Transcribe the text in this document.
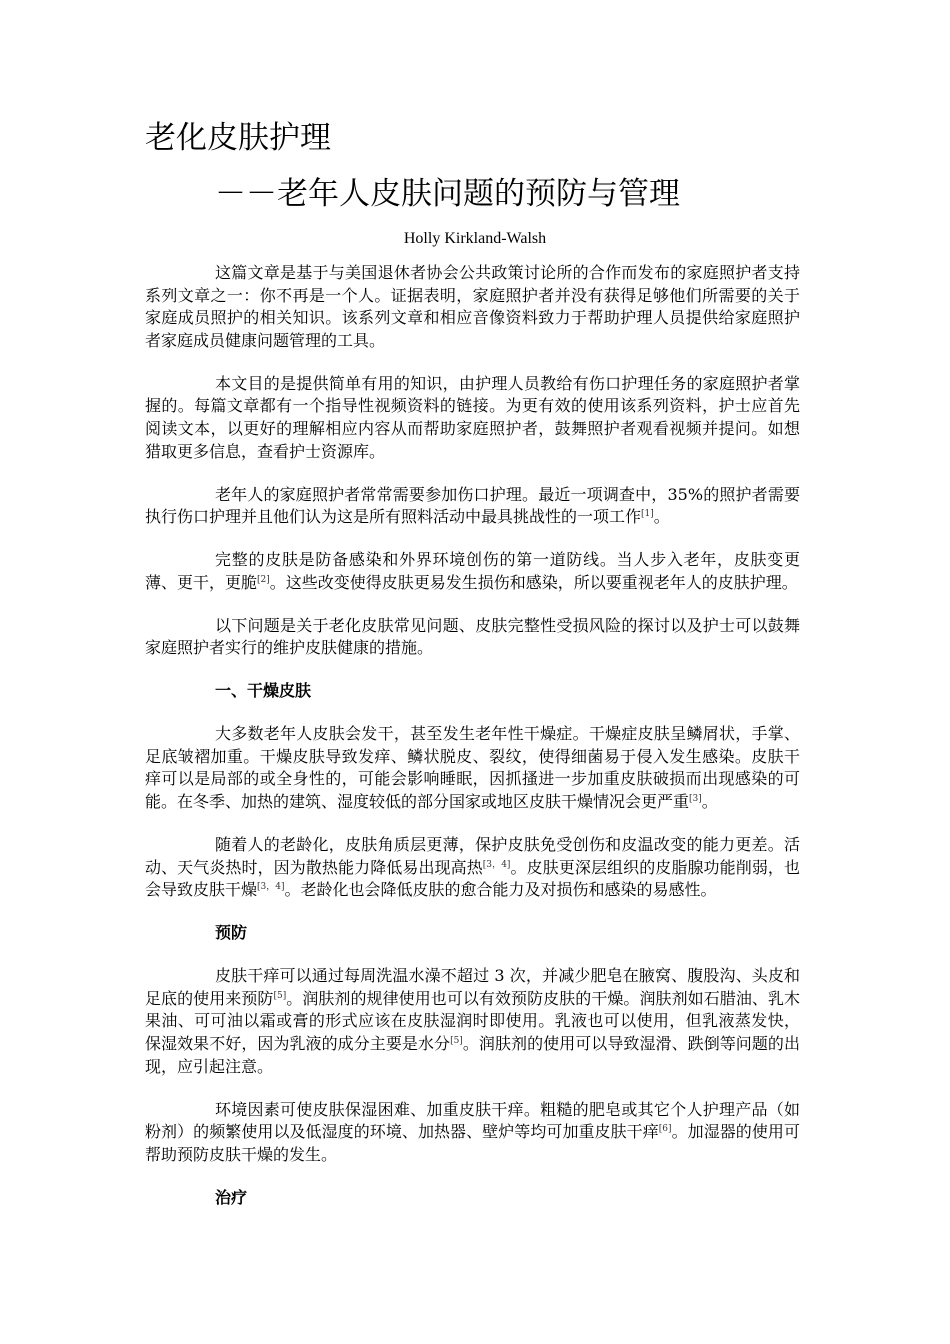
老化皮肤护理
－－老年人皮肤问题的预防与管理
Holly Kirkland-Walsh

这篇文章是基于与美国退休者协会公共政策讨论所的合作而发布的家庭照护者支持系列文章之一：你不再是一个人。证据表明，家庭照护者并没有获得足够他们所需要的关于家庭成员照护的相关知识。该系列文章和相应音像资料致力于帮助护理人员提供给家庭照护者家庭成员健康问题管理的工具。

本文目的是提供简单有用的知识，由护理人员教给有伤口护理任务的家庭照护者掌握的。每篇文章都有一个指导性视频资料的链接。为更有效的使用该系列资料，护士应首先阅读文本，以更好的理解相应内容从而帮助家庭照护者，鼓舞照护者观看视频并提问。如想猎取更多信息，查看护士资源库。

老年人的家庭照护者常常需要参加伤口护理。最近一项调查中，35%的照护者需要执行伤口护理并且他们认为这是所有照料活动中最具挑战性的一项工作[1]。

完整的皮肤是防备感染和外界环境创伤的第一道防线。当人步入老年，皮肤变更薄、更干，更脆[2]。这些改变使得皮肤更易发生损伤和感染，所以要重视老年人的皮肤护理。

以下问题是关于老化皮肤常见问题、皮肤完整性受损风险的探讨以及护士可以鼓舞家庭照护者实行的维护皮肤健康的措施。

一、干燥皮肤

大多数老年人皮肤会发干，甚至发生老年性干燥症。干燥症皮肤呈鳞屑状，手掌、足底皱褶加重。干燥皮肤导致发痒、鳞状脱皮、裂纹，使得细菌易于侵入发生感染。皮肤干痒可以是局部的或全身性的，可能会影响睡眠，因抓搔进一步加重皮肤破损而出现感染的可能。在冬季、加热的建筑、湿度较低的部分国家或地区皮肤干燥情况会更严重[3]。

随着人的老龄化，皮肤角质层更薄，保护皮肤免受创伤和皮温改变的能力更差。活动、天气炎热时，因为散热能力降低易出现高热[3，4]。皮肤更深层组织的皮脂腺功能削弱，也会导致皮肤干燥[3，4]。老龄化也会降低皮肤的愈合能力及对损伤和感染的易感性。

预防

皮肤干痒可以通过每周洗温水澡不超过 3 次，并减少肥皂在腋窝、腹股沟、头皮和足底的使用来预防[5]。润肤剂的规律使用也可以有效预防皮肤的干燥。润肤剂如石腊油、乳木果油、可可油以霜或膏的形式应该在皮肤湿润时即使用。乳液也可以使用，但乳液蒸发快，保湿效果不好，因为乳液的成分主要是水分[5]。润肤剂的使用可以导致湿滑、跌倒等问题的出现，应引起注意。

环境因素可使皮肤保湿困难、加重皮肤干痒。粗糙的肥皂或其它个人护理产品（如粉剂）的频繁使用以及低湿度的环境、加热器、壁炉等均可加重皮肤干痒[6]。加湿器的使用可帮助预防皮肤干燥的发生。

治疗
